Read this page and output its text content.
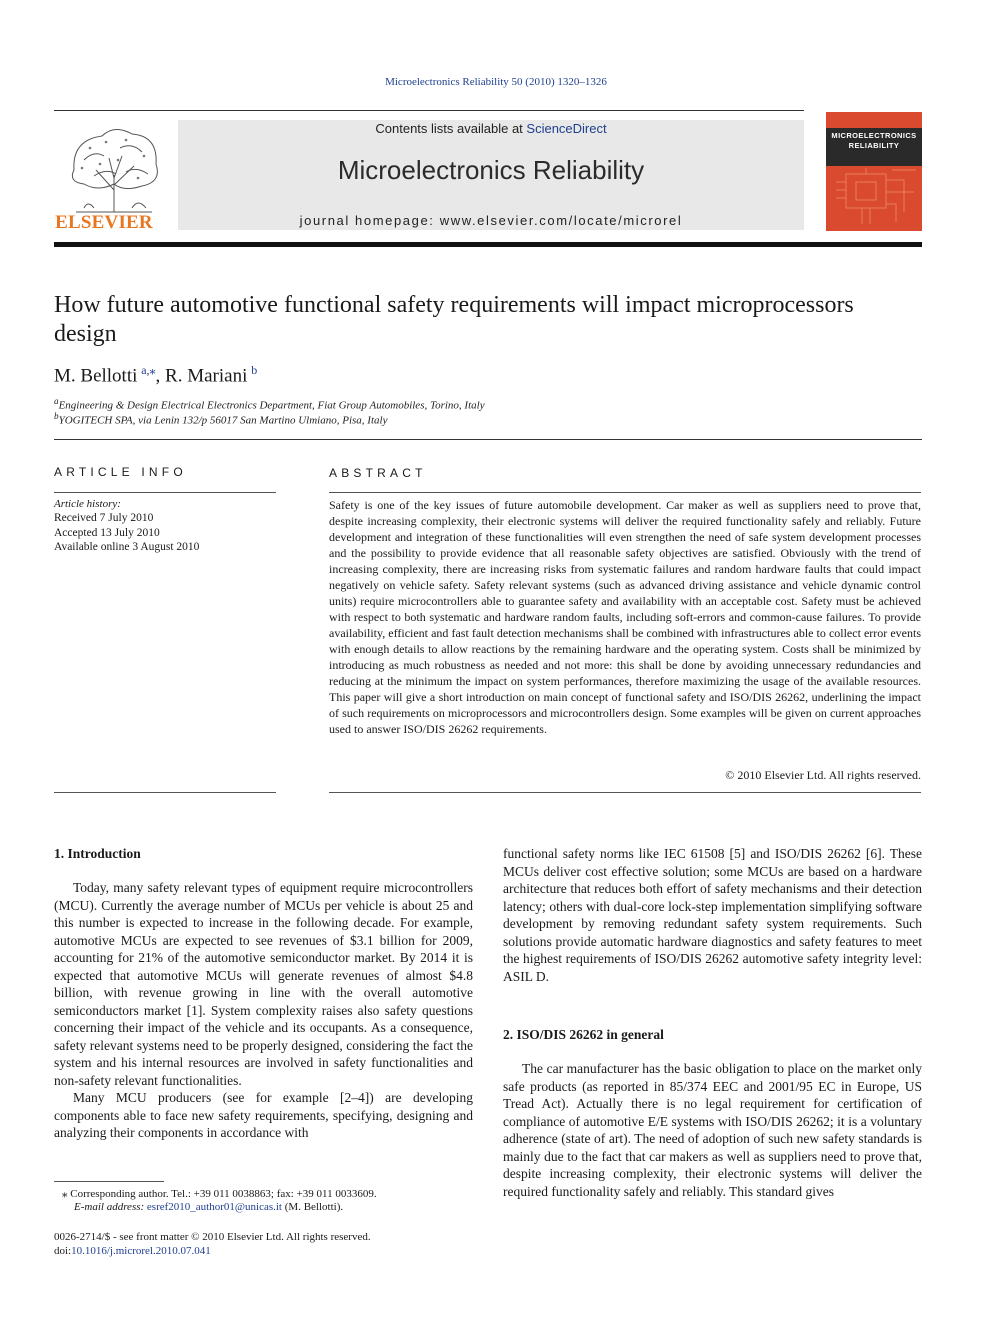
Microelectronics Reliability 50 (2010) 1320–1326
ELSEVIER
Contents lists available at ScienceDirect
Microelectronics Reliability
journal homepage: www.elsevier.com/locate/microrel
MICROELECTRONICS
RELIABILITY
How future automotive functional safety requirements will impact microprocessors design
M. Bellotti  $^{a,⁎}$, R. Mariani  $^b$
$^a$Engineering & Design Electrical Electronics Department, Fiat Group Automobiles, Torino, Italy
$^b$YOGITECH SPA, via Lenin 132/p 56017 San Martino Ulmiano, Pisa, Italy
ARTICLE INFO
Article history:
Received 7 July 2010
Accepted 13 July 2010
Available online 3 August 2010
ABSTRACT
Safety is one of the key issues of future automobile development. Car maker as well as suppliers need to prove that, despite increasing complexity, their electronic systems will deliver the required functionality safely and reliably. Future development and integration of these functionalities will even strengthen the need of safe system development processes and the possibility to provide evidence that all reasonable safety objectives are satisfied. Obviously with the trend of increasing complexity, there are increasing risks from systematic failures and random hardware faults that could impact negatively on vehicle safety. Safety relevant systems (such as advanced driving assistance and vehicle dynamic control units) require microcontrollers able to guarantee safety and availability with an acceptable cost. Safety must be achieved with respect to both systematic and hardware random faults, including soft-errors and common-cause failures. To provide availability, efficient and fast fault detection mechanisms shall be combined with infrastructures able to collect error events with enough details to allow reactions by the remaining hardware and the operating system. Costs shall be minimized by introducing as much robustness as needed and not more: this shall be done by avoiding unnecessary redundancies and reducing at the minimum the impact on system performances, therefore maximizing the usage of the available resources. This paper will give a short introduction on main concept of functional safety and ISO/DIS 26262, underlining the impact of such requirements on microprocessors and microcontrollers design. Some examples will be given on current approaches used to answer ISO/DIS 26262 requirements.
© 2010 Elsevier Ltd. All rights reserved.
1. Introduction

Today, many safety relevant types of equipment require microcontrollers (MCU). Currently the average number of MCUs per vehicle is about 25 and this number is expected to increase in the following decade. For example, automotive MCUs are expected to see revenues of $3.1 billion for 2009, accounting for 21% of the automotive semiconductor market. By 2014 it is expected that automotive MCUs will generate revenues of almost $4.8 billion, with revenue growing in line with the overall automotive semiconductors market [1]. System complexity raises also safety questions concerning their impact of the vehicle and its occupants. As a consequence, safety relevant systems need to be properly designed, considering the fact the system and his internal resources are involved in safety functionalities and non-safety relevant functionalities.

Many MCU producers (see for example [2–4]) are developing components able to face new safety requirements, specifying, designing and analyzing their components in accordance with

functional safety norms like IEC 61508 [5] and ISO/DIS 26262 [6]. These MCUs deliver cost effective solution; some MCUs are based on a hardware architecture that reduces both effort of safety mechanisms and their detection latency; others with dual-core lock-step implementation simplifying software development by removing redundant safety system requirements. Such solutions provide automatic hardware diagnostics and safety features to meet the highest requirements of ISO/DIS 26262 automotive safety integrity level: ASIL D.

2. ISO/DIS 26262 in general

The car manufacturer has the basic obligation to place on the market only safe products (as reported in 85/374 EEC and 2001/95 EC in Europe, US Tread Act). Actually there is no legal requirement for certification of compliance of automotive E/E systems with ISO/DIS 26262; it is a voluntary adherence (state of art). The need of adoption of such new safety standards is mainly due to the fact that car makers as well as suppliers need to prove that, despite increasing complexity, their electronic systems will deliver the required functionality safely and reliably. This standard gives

⁎ Corresponding author. Tel.: +39 011 0038863; fax: +39 011 0033609.
E-mail address: esref2010_author01@unicas.it (M. Bellotti).
0026-2714/$ - see front matter © 2010 Elsevier Ltd. All rights reserved.
doi:10.1016/j.microrel.2010.07.041
